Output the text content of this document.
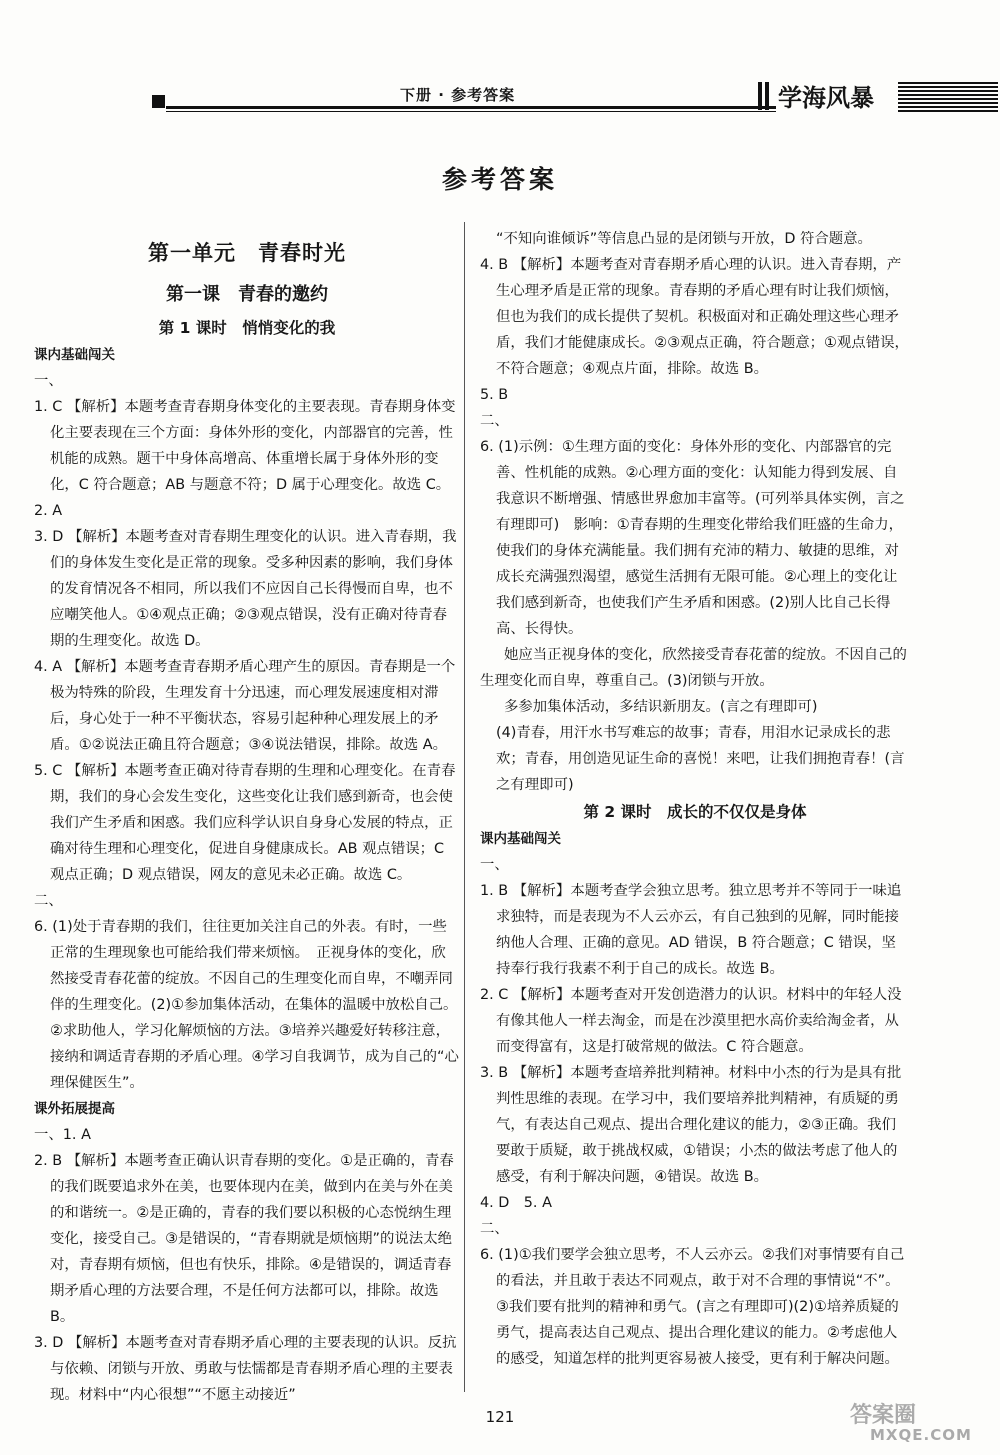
下册 · 参考答案	学海风暴
参考答案
第一单元　青春时光
第一课　青春的邀约
第 1 课时　悄悄变化的我
课内基础闯关
一、

1. C 【解析】本题考查青春期身体变化的主要表现。青春期身体变化主要表现在三个方面：身体外形的变化，内部器官的完善，性机能的成熟。题干中身体高增高、体重增长属于身体外形的变化，C 符合题意；AB 与题意不符；D 属于心理变化。故选 C。

2. A

3. D 【解析】本题考查对青春期生理变化的认识。进入青春期，我们的身体发生变化是正常的现象。受多种因素的影响，我们身体的发育情况各不相同，所以我们不应因自己长得慢而自卑，也不应嘲笑他人。①④观点正确；②③观点错误，没有正确对待青春期的生理变化。故选 D。

4. A 【解析】本题考查青春期矛盾心理产生的原因。青春期是一个极为特殊的阶段，生理发育十分迅速，而心理发展速度相对滞后，身心处于一种不平衡状态，容易引起种种心理发展上的矛盾。①②说法正确且符合题意；③④说法错误，排除。故选 A。

5. C 【解析】本题考查正确对待青春期的生理和心理变化。在青春期，我们的身心会发生变化，这些变化让我们感到新奇，也会使我们产生矛盾和困惑。我们应科学认识自身身心发展的特点，正确对待生理和心理变化，促进自身健康成长。AB 观点错误；C 观点正确；D 观点错误，网友的意见未必正确。故选 C。

二、

6. (1)处于青春期的我们，往往更加关注自己的外表。有时，一些正常的生理现象也可能给我们带来烦恼。　正视身体的变化，欣然接受青春花蕾的绽放。不因自己的生理变化而自卑，不嘲弄同伴的生理变化。(2)①参加集体活动，在集体的温暖中放松自己。②求助他人，学习化解烦恼的方法。③培养兴趣爱好转移注意，接纳和调适青春期的矛盾心理。④学习自我调节，成为自己的“心理保健医生”。

课外拓展提高

一、1. A

2. B 【解析】本题考查正确认识青春期的变化。①是正确的，青春的我们既要追求外在美，也要体现内在美，做到内在美与外在美的和谐统一。②是正确的，青春的我们要以积极的心态悦纳生理变化，接受自己。③是错误的，“青春期就是烦恼期”的说法太绝对，青春期有烦恼，但也有快乐，排除。④是错误的，调适青春期矛盾心理的方法要合理，不是任何方法都可以，排除。故选 B。

3. D 【解析】本题考查对青春期矛盾心理的主要表现的认识。反抗与依赖、闭锁与开放、勇敢与怯懦都是青春期矛盾心理的主要表现。材料中“内心很想”“不愿主动接近”

“不知向谁倾诉”等信息凸显的是闭锁与开放，D 符合题意。

4. B 【解析】本题考查对青春期矛盾心理的认识。进入青春期，产生心理矛盾是正常的现象。青春期的矛盾心理有时让我们烦恼，但也为我们的成长提供了契机。积极面对和正确处理这些心理矛盾，我们才能健康成长。②③观点正确，符合题意；①观点错误，不符合题意；④观点片面，排除。故选 B。

5. B

二、

6. (1)示例：①生理方面的变化：身体外形的变化、内部器官的完善、性机能的成熟。②心理方面的变化：认知能力得到发展、自我意识不断增强、情感世界愈加丰富等。(可列举具体实例，言之有理即可)　影响：①青春期的生理变化带给我们旺盛的生命力，使我们的身体充满能量。我们拥有充沛的精力、敏捷的思维，对成长充满强烈渴望，感觉生活拥有无限可能。②心理上的变化让我们感到新奇，也使我们产生矛盾和困惑。(2)别人比自己长得高、长得快。

她应当正视身体的变化，欣然接受青春花蕾的绽放。不因自己的生理变化而自卑，尊重自己。(3)闭锁与开放。

多参加集体活动，多结识新朋友。(言之有理即可)

(4)青春，用汗水书写难忘的故事；青春，用泪水记录成长的悲欢；青春，用创造见证生命的喜悦！来吧，让我们拥抱青春！(言之有理即可)

第 2 课时　成长的不仅仅是身体
课内基础闯关
一、

1. B 【解析】本题考查学会独立思考。独立思考并不等同于一味追求独特，而是表现为不人云亦云，有自己独到的见解，同时能接纳他人合理、正确的意见。AD 错误，B 符合题意；C 错误，坚持奉行我行我素不利于自己的成长。故选 B。

2. C 【解析】本题考查对开发创造潜力的认识。材料中的年轻人没有像其他人一样去淘金，而是在沙漠里把水高价卖给淘金者，从而变得富有，这是打破常规的做法。C 符合题意。

3. B 【解析】本题考查培养批判精神。材料中小杰的行为是具有批判性思维的表现。在学习中，我们要培养批判精神，有质疑的勇气，有表达自己观点、提出合理化建议的能力，②③正确。我们要敢于质疑，敢于挑战权威，①错误；小杰的做法考虑了他人的感受，有利于解决问题，④错误。故选 B。

4. D　5. A

二、

6. (1)①我们要学会独立思考，不人云亦云。②我们对事情要有自己的看法，并且敢于表达不同观点，敢于对不合理的事情说“不”。③我们要有批判的精神和勇气。(言之有理即可)(2)①培养质疑的勇气，提高表达自己观点、提出合理化建议的能力。②考虑他人的感受，知道怎样的批判更容易被人接受，更有利于解决问题。

121	答案圈
MXQE.COM
